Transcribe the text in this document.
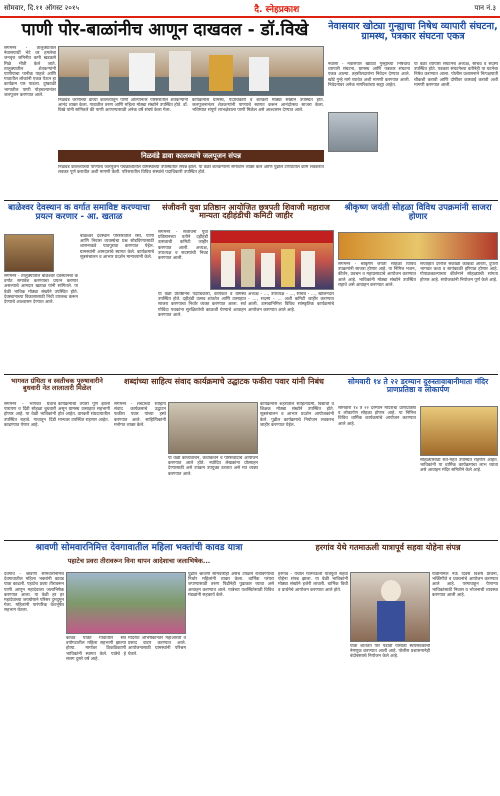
सोमवार, दि.११ ऑगस्ट २०१५	दै. स्नेहप्रकाश	पान नं.३
पाणी पोर-बाळांनीच आणून दाखवल - डॉ.विखे
संगमनेर - तालुक्यातील नेवासयार्थी भेटे वर हमलेचा जनवृत्त जमिनीत कमी खडकसे मिळे भीती केले जाते. तालुक्यातील शेतकऱ्यांनी पाणीयाचा पानीक पाहले आणि गावातील लोकांनी एकत्र येऊन हा कार्यक्रम पार पाडला. दुष्काळी भागातील पाणी पोहचल्यानंतर जलपूजन करण्यात आले.
निळवंडे धरणाच्या डाव्या कालव्यातून पाणी आल्यानंतर परिसरातील शेतकऱ्यांनी आनंद व्यक्त केला. गावातील तरुण आणि महिला मोठ्या संख्येने उपस्थित होते. डॉ. विखे यांनी सांगितले की पाणी आणण्यासाठी अनेक वर्षे संघर्ष केला गेला.
कार्यक्रमास ग्रामस्थ, पदाधिकारी व शेतकरी मोठ्या संख्येने उपस्थित होते. जलपूजनानंतर शेतकऱ्यांनी पाण्याचे स्वागत करून आनंदोत्सव साजरा केला. भविष्यात संपूर्ण लाभक्षेत्राला पाणी मिळेल असे आश्वासन देण्यात आले.
निळवंडे डावा कालव्याचे जलपूजन संपन्न
निळवंडे कालव्याच्या पाण्याचे जलपूजन पंचक्रोशीतील ग्रामस्थांच्या उपस्थितीत संपन्न झाले. या वेळी शेतकऱ्यांनी समाधान व्यक्त केले आणि पुढील टप्प्यातील कामे लवकरात लवकर पूर्ण करावीत अशी मागणी केली. परिसरातील विविध संस्थांचे पदाधिकारी उपस्थित होते.
नेवासयार खोट्या गुन्ह्याचा निषेध व्यापारी संघटना, ग्रामस्थ, पत्रकार संघटना एकत्र
नेवासा - नेवासयार खोट्या गुन्ह्याच्या निषेधार्थ व्यापारी संघटना, ग्रामस्थ आणि पत्रकार संघटना एकत्र आल्या. तहसीलदारांना निवेदन देण्यात आले. खोटे गुन्हे मागे घ्यावेत अशी मागणी करण्यात आली. निवेदनावर अनेक नागरिकांच्या सह्या आहेत.
या वेळी व्यापारी संघटनेचे अध्यक्ष, सचिव व सदस्य उपस्थित होते. पत्रकार संघटनेच्या वतीनेही या घटनेचा निषेध करण्यात आला. पोलीस प्रशासनाने निःपक्षपाती चौकशी करावी आणि दोषींवर कारवाई करावी अशी मागणी करण्यात आली.
बाळेश्वर देवस्थान क वर्गात समाविष्ट करण्याचा प्रयत्न करणार - आ. खताळ
संगमनेर - तालुक्यातील बाळेश्वर देवस्थानचा क वर्गात समावेश करण्याचा प्रयत्न करणार असल्याचे आमदार खताळ यांनी सांगितले. या वेळी भाविक मोठ्या संख्येने उपस्थित होते. देवस्थानाच्या विकासासाठी निधी उपलब्ध करून देण्याचे आश्वासन देण्यात आले.
बाळेश्वर देवस्थान परिसरातील रस्ते, पाणी आणि निवास व्यवस्थेचा प्रश्न सोडविण्यासाठी शासनाकडे पाठपुरावा करण्यात येईल. ग्रामस्थांनी आमदारांचे स्वागत केले. कार्यक्रमाचे सूत्रसंचालन व आभार प्रदर्शन मान्यवरांनी केले.
संजीवनी युवा प्रतिष्ठान आयोजित छत्रपती शिवाजी महाराज मान्यता दहीहंडीची कमिटी जाहीर
संगमनेर - संजीवनी युवा प्रतिष्ठानच्या वतीने दहीहंडी उत्सवाची कमिटी जाहीर करण्यात आली. अध्यक्ष, उपाध्यक्ष व सदस्यांची निवड करण्यात आली.
या वेळी प्रतिष्ठानचे पदाधिकारी, कार्यकर्ते व ग्रामस्थ उपस्थित होते. दहीहंडी उत्सव शांततेत आणि उत्साहात साजरा करण्याचा निर्धार व्यक्त करण्यात आला. सर्व गोविंदा पथकांना सुरक्षिततेची काळजी घेण्याचे आवाहन करण्यात आले.
अध्यक्ष - ..., उपाध्यक्ष - ..., सचिव - ..., खजिनदार - ..., सदस्य - ... अशी कमिटी जाहीर करण्यात आली. उत्सवानिमित्त विविध सांस्कृतिक कार्यक्रमांचे आयोजन करण्यात आले आहे.
श्रीकृष्ण जयंती सोहळा विविध उपक्रमांनी साजरा होणार
संगमनेर - श्रीकृष्ण जयंती सोहळा विविध उपक्रमांनी साजरा होणार आहे. या निमित्त भजन, कीर्तन, प्रवचन व महाप्रसादाचे आयोजन करण्यात आले आहे. भाविकांनी मोठ्या संख्येने उपस्थित राहावे असे आवाहन करण्यात आले.
सप्ताहात दररोज सकाळी काकडा आरती, दुपारी भागवत कथा व सायंकाळी हरिपाठ होणार आहे. गोपाळकाल्याच्या कीर्तनाने सोहळ्याची सांगता होणार आहे. संयोजकांनी नियोजन पूर्ण केले आहे.
भागवत ग्रंथिता व स्वतीचक पूरुषावारीने बुधवारी नेत लालातारी मिळेल
संगमनेर - भागवत ग्रंथाचे पारायण व दिंडी सोहळा बुधवारी होणार आहे. या वेळी भाविकांनी उपस्थित राहावे. गावातून दिंडी काढण्यात येणार आहे.
कार्यक्रमाची तयारी पूर्ण झाली असून ग्रामस्थ उत्साहात सहभागी होत आहेत. वारकरी संप्रदायातील मान्यवर उपस्थित राहणार आहेत.
शब्दांच्या साहित्य संवाद कार्यक्रमाचे उद्घाटक फकीरा पवार यांनी निबंध
संगमनेर - शब्दांच्या साहित्य संवाद कार्यक्रमाचे उद्घाटन फकीरा पवार यांच्या हस्ते करण्यात आले. साहित्यिकांनी मनोगत व्यक्त केले.
या वेळी काव्यवाचन, कथाकथन व परिसंवादाचे आयोजन करण्यात आले होते. नवोदित लेखकांना प्रोत्साहन देण्यासाठी असे उपक्रम उपयुक्त ठरतात असे मत व्यक्त करण्यात आले.
कार्यक्रमास शहरातील साहित्यप्रेमी, विद्यार्थी व शिक्षक मोठ्या संख्येने उपस्थित होते. सूत्रसंचालन व आभार प्रदर्शन आयोजकांनी केले. पुढील कार्यक्रमाचे नियोजन लवकरच जाहीर करण्यात येईल.
सोमवारी १४ ते २२ डरम्यान दुरुस्तावाबानीमाता मंदिर प्राणप्रतिष्ठा व लोकार्पण
सोमवारी १४ ते २२ दरम्यान मंदिराचा प्राणप्रतिष्ठा व लोकार्पण सोहळा होणार आहे. या निमित्त विविध धार्मिक कार्यक्रमांचे आयोजन करण्यात आले आहे.
सोहळ्यासाठी संत-महंत उपस्थित राहणार आहेत. भाविकांनी या धार्मिक कार्यक्रमाचा लाभ घ्यावा असे आवाहन मंदिर समितीने केले आहे.
श्रावणी सोमवारनिमित्त देवगावातील महिला भक्तांची कावड यात्रा
पहाटेच प्रवरा तीरावरून विना थापन आदेशाचा जलाभिषेक...
देवगाव - श्रावणी सोमवारनिमित्त देवगावातील महिला भक्तांनी कावड यात्रा काढली. पहाटेच प्रवरा तीरावरून पाणी आणून महादेवाला जलाभिषेक करण्यात आला. या वेळी हर हर महादेवाच्या जयघोषाने परिसर दुमदुमून गेला. महिलांनी पारंपरिक वेशभूषेत सहभाग घेतला.
कावड यात्रेत गावातील सर्व वयोगटातील महिला सहभागी झाल्या होत्या. मार्गावर ठिकठिकाणी भाविकांनी स्वागत केले. यात्रेचे हे सलग दुसरे वर्ष आहे.
मंदिरात अभिषेकानंतर महाआरती व प्रसाद वाटप करण्यात आले. आयोजनासाठी ग्रामस्थांनी परिश्रम घेतले.
पुढील श्रावणी सोमवारीही असेच उपक्रम राबविण्याचा निर्धार महिलांनी व्यक्त केला. धार्मिक परंपरा जपण्यासाठी तरुण पिढीनेही पुढाकार घ्यावा असे आवाहन करण्यात आले. यात्रेच्या यशस्वितेसाठी विविध मंडळांनी सहकार्य केले.
हरगांव येथे गतमाऊली यात्रापूर्व सहवा योहेना संपन्न
हरगांव - येथील गतमाऊली यात्रेपूर्वी सहवा योहेना संपन्न झाला. या वेळी भाविकांनी मोठ्या संख्येने हजेरी लावली. धार्मिक विधी व प्रार्थनेचे आयोजन करण्यात आले होते.
यात्रेनिमित्त नऊ दिवस विशेष प्रार्थना, भक्तिगीते व प्रवचनांचे आयोजन करण्यात आले आहे. परगावाहून येणाऱ्या भाविकांसाठी निवास व भोजनाची व्यवस्था करण्यात आली आहे.
यात्रा शांततेत पार पडावी यासाठी स्वयंसेवकांची नेमणूक करण्यात आली आहे. पोलीस प्रशासनानेही बंदोबस्ताचे नियोजन केले आहे.
